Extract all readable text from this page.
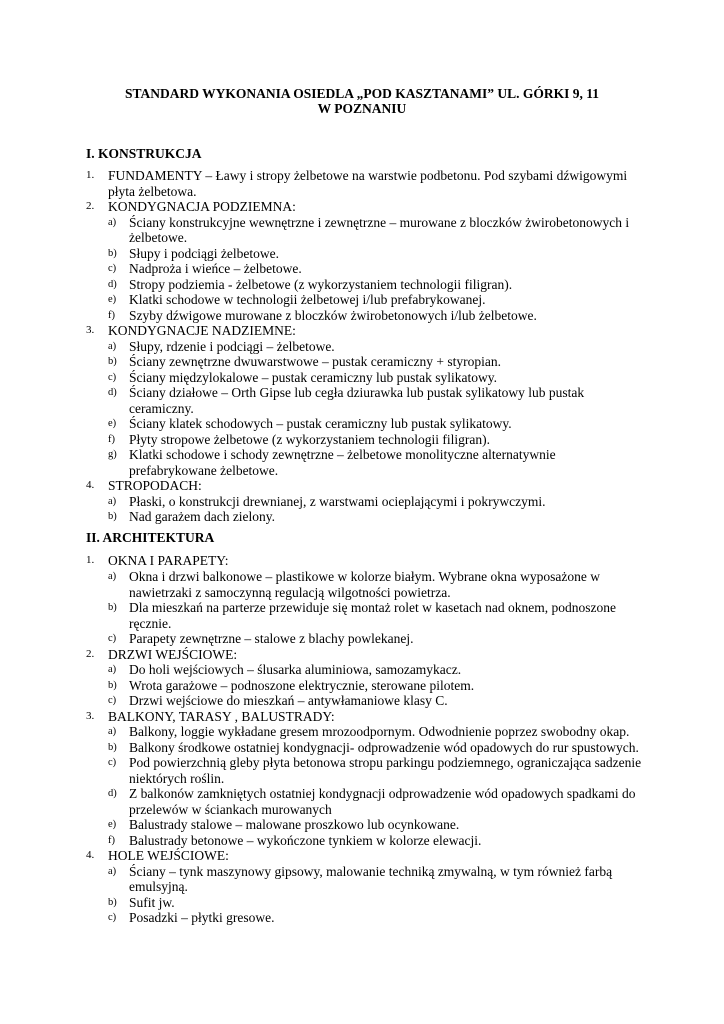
STANDARD WYKONANIA OSIEDLA „POD KASZTANAMI” UL. GÓRKI 9, 11
W POZNANIU
I. KONSTRUKCJA
1. FUNDAMENTY – Ławy i stropy żelbetowe na warstwie podbetonu. Pod szybami dźwigowymi
płyta żelbetowa.
2. KONDYGNACJA PODZIEMNA:
a) Ściany konstrukcyjne wewnętrzne i zewnętrzne – murowane z bloczków żwirobetonowych i
żelbetowe.
b) Słupy i podciągi żelbetowe.
c) Nadproża i wieńce – żelbetowe.
d) Stropy podziemia - żelbetowe (z wykorzystaniem technologii filigran).
e) Klatki schodowe w technologii żelbetowej i/lub prefabrykowanej.
f) Szyby dźwigowe murowane z bloczków żwirobetonowych i/lub żelbetowe.
3. KONDYGNACJE NADZIEMNE:
a) Słupy, rdzenie i podciągi – żelbetowe.
b) Ściany zewnętrzne dwuwarstwowe – pustak ceramiczny + styropian.
c) Ściany międzylokalowe – pustak ceramiczny lub pustak sylikatowy.
d) Ściany działowe – Orth Gipse lub cegła dziurawka lub pustak sylikatowy lub pustak
ceramiczny.
e) Ściany klatek schodowych – pustak ceramiczny lub pustak sylikatowy.
f) Płyty stropowe żelbetowe (z wykorzystaniem technologii filigran).
g) Klatki schodowe i schody zewnętrzne – żelbetowe monolityczne alternatywnie
prefabrykowane żelbetowe.
4. STROPODACH:
a) Płaski, o konstrukcji drewnianej, z warstwami ocieplającymi i pokrywczymi.
b) Nad garażem dach zielony.
II. ARCHITEKTURA
1. OKNA I PARAPETY:
a) Okna i drzwi balkonowe – plastikowe w kolorze białym. Wybrane okna wyposażone w
nawietrzaki z samoczynną regulacją wilgotności powietrza.
b) Dla mieszkań na parterze przewiduje się montaż rolet w kasetach nad oknem, podnoszone
ręcznie.
c) Parapety zewnętrzne – stalowe z blachy powlekanej.
2. DRZWI WEJŚCIOWE:
a) Do holi wejściowych – ślusarka aluminiowa, samozamykacz.
b) Wrota garażowe – podnoszone elektrycznie, sterowane pilotem.
c) Drzwi wejściowe do mieszkań – antywłamaniowe klasy C.
3. BALKONY, TARASY , BALUSTRADY:
a) Balkony, loggie wykładane gresem mrozoodpornym. Odwodnienie poprzez swobodny okap.
b) Balkony środkowe ostatniej kondygnacji- odprowadzenie wód opadowych do rur spustowych.
c) Pod powierzchnią gleby płyta betonowa stropu parkingu podziemnego, ograniczająca sadzenie
niektórych roślin.
d) Z balkonów zamkniętych ostatniej kondygnacji odprowadzenie wód opadowych spadkami do
przelewów w ściankach murowanych
e) Balustrady stalowe – malowane proszkowo lub ocynkowane.
f) Balustrady betonowe – wykończone tynkiem w kolorze elewacji.
4. HOLE WEJŚCIOWE:
a) Ściany – tynk maszynowy gipsowy, malowanie techniką zmywalną, w tym również farbą
emulsyjną.
b) Sufit jw.
c) Posadzki – płytki gresowe.
